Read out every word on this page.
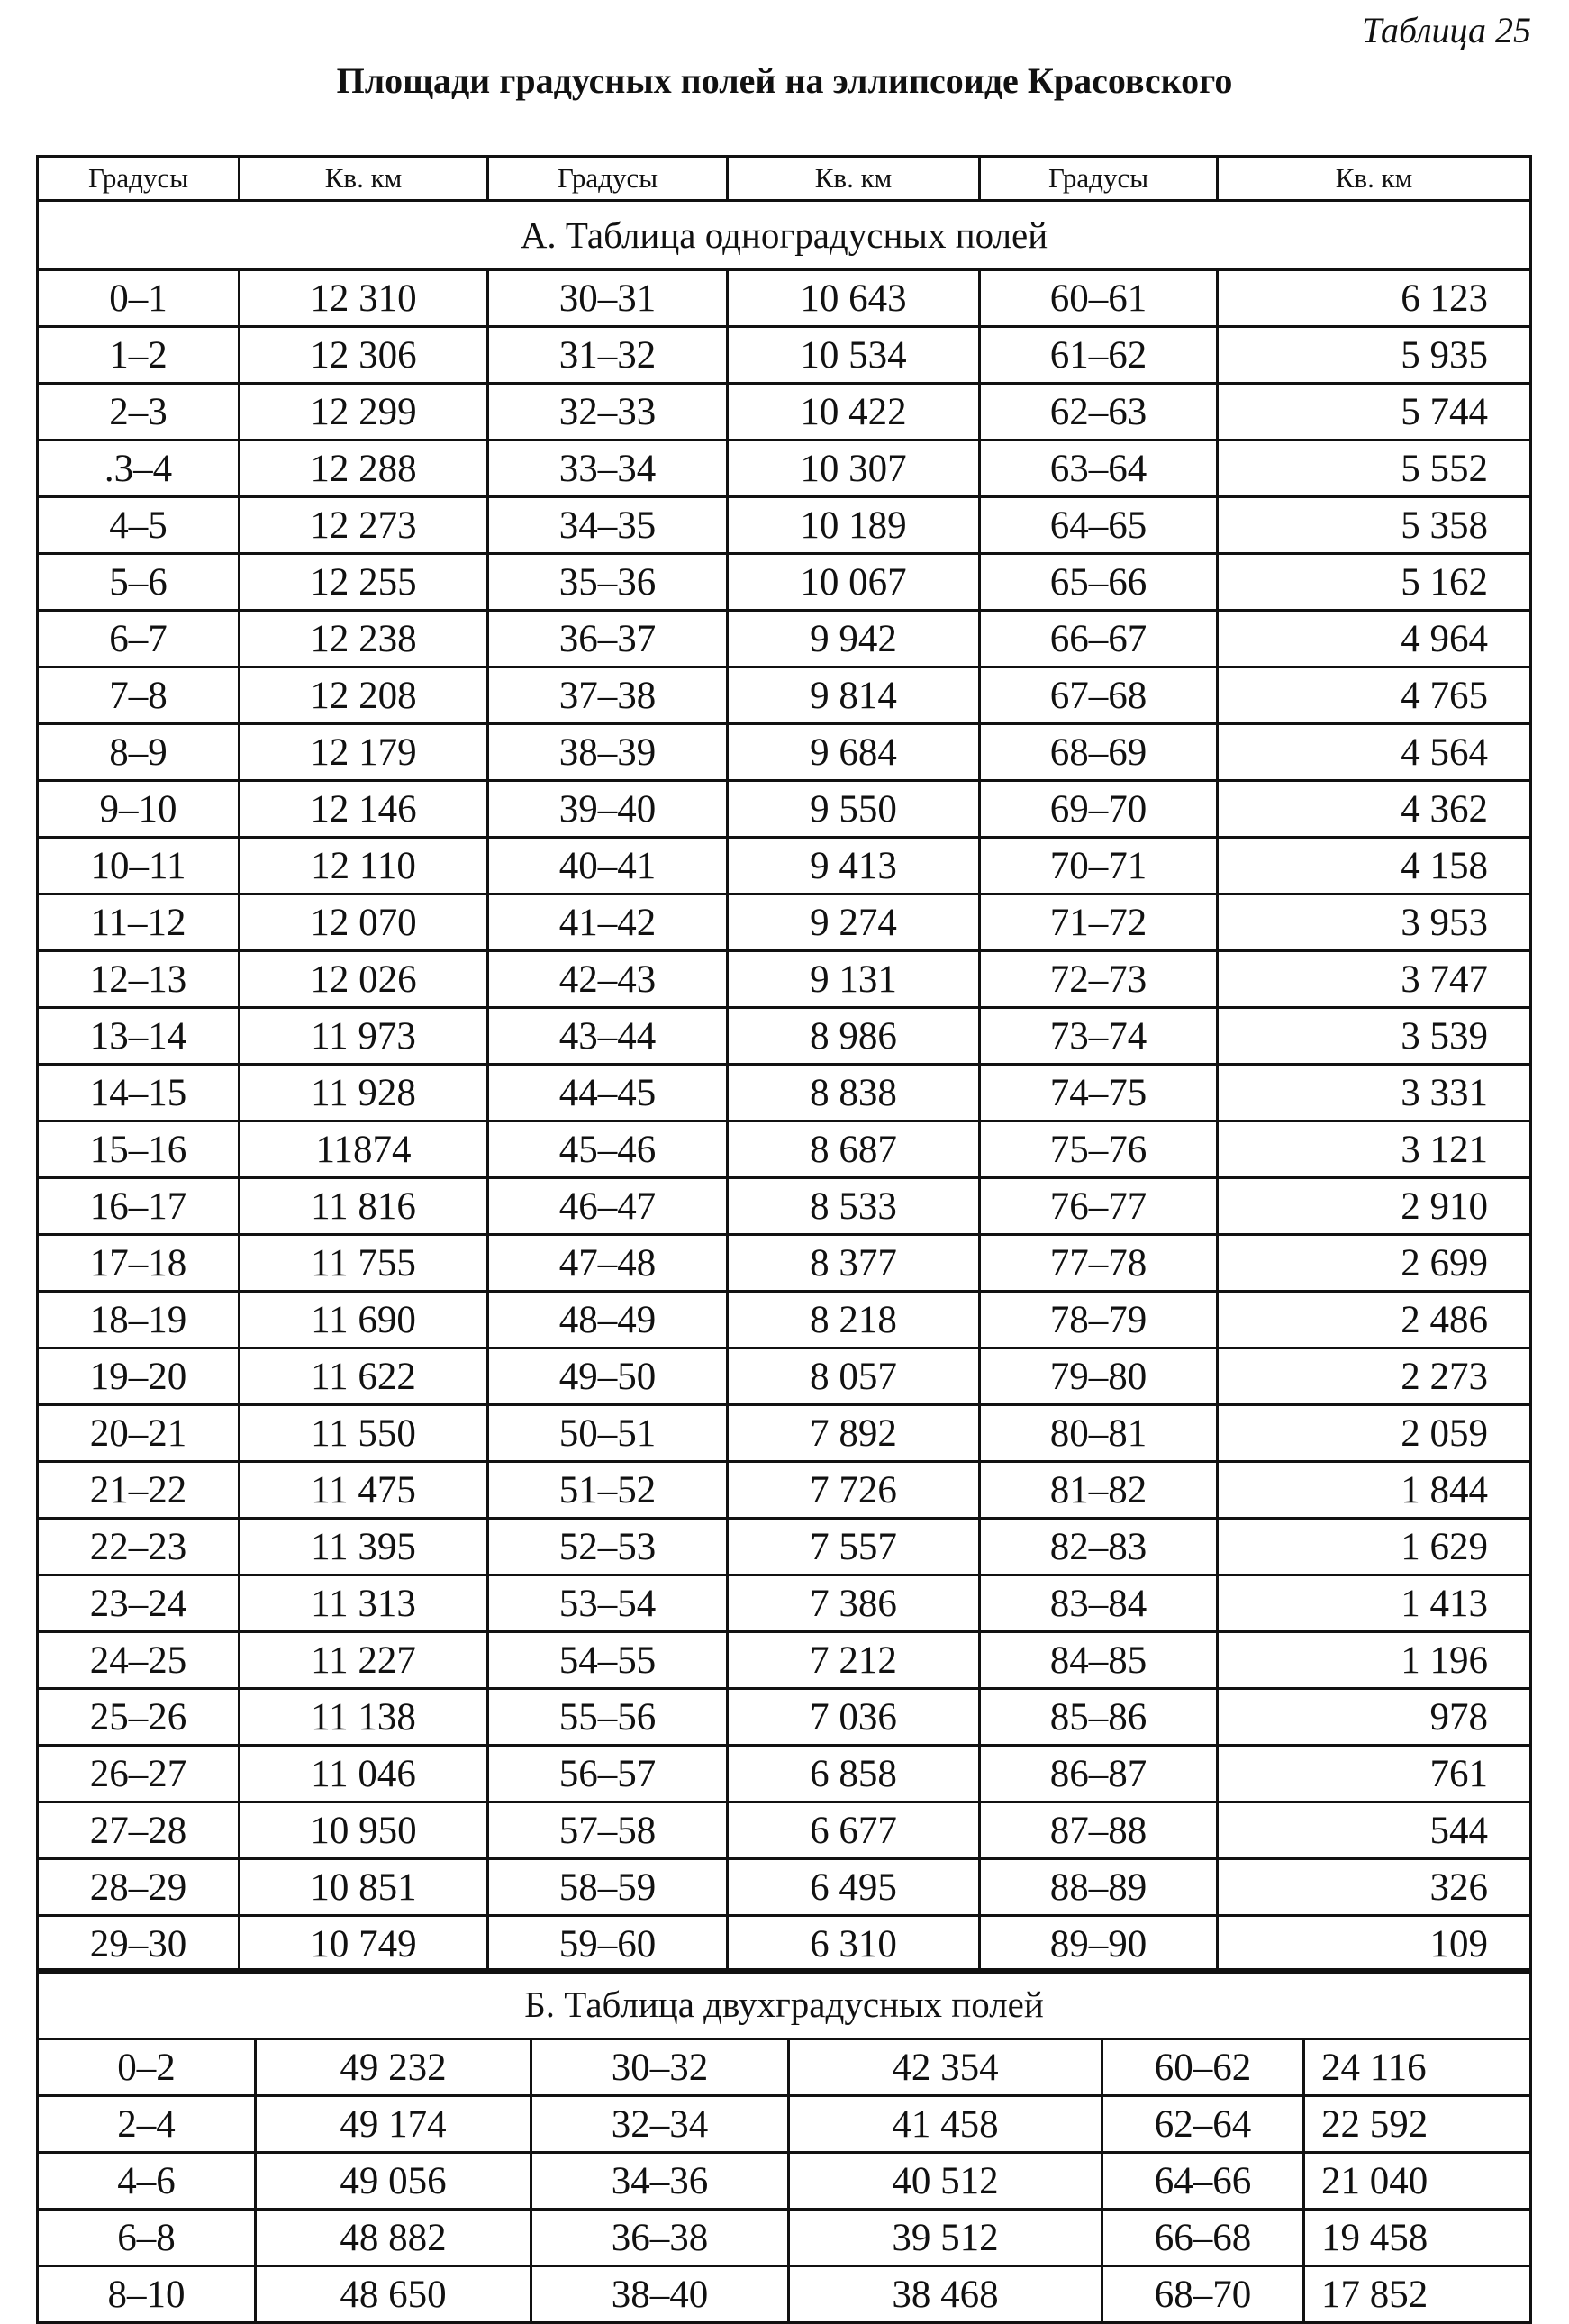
Таблица 25
Площади градусных полей на эллипсоиде Красовского
Градусы	Кв. км	Градусы	Кв. км	Градусы	Кв. км
А. Таблица одноградусных полей					
0–1	12 310	30–31	10 643	60–61	6 123
1–2	12 306	31–32	10 534	61–62	5 935
2–3	12 299	32–33	10 422	62–63	5 744
.3–4	12 288	33–34	10 307	63–64	5 552
4–5	12 273	34–35	10 189	64–65	5 358
5–6	12 255	35–36	10 067	65–66	5 162
6–7	12 238	36–37	9 942	66–67	4 964
7–8	12 208	37–38	9 814	67–68	4 765
8–9	12 179	38–39	9 684	68–69	4 564
9–10	12 146	39–40	9 550	69–70	4 362
10–11	12 110	40–41	9 413	70–71	4 158
11–12	12 070	41–42	9 274	71–72	3 953
12–13	12 026	42–43	9 131	72–73	3 747
13–14	11 973	43–44	8 986	73–74	3 539
14–15	11 928	44–45	8 838	74–75	3 331
15–16	11874	45–46	8 687	75–76	3 121
16–17	11 816	46–47	8 533	76–77	2 910
17–18	11 755	47–48	8 377	77–78	2 699
18–19	11 690	48–49	8 218	78–79	2 486
19–20	11 622	49–50	8 057	79–80	2 273
20–21	11 550	50–51	7 892	80–81	2 059
21–22	11 475	51–52	7 726	81–82	1 844
22–23	11 395	52–53	7 557	82–83	1 629
23–24	11 313	53–54	7 386	83–84	1 413
24–25	11 227	54–55	7 212	84–85	1 196
25–26	11 138	55–56	7 036	85–86	978
26–27	11 046	56–57	6 858	86–87	761
27–28	10 950	57–58	6 677	87–88	544
28–29	10 851	58–59	6 495	88–89	326
29–30	10 749	59–60	6 310	89–90	109
Б. Таблица двухградусных полей					
0–2	49 232	30–32	42 354	60–62	24 116
2–4	49 174	32–34	41 458	62–64	22 592
4–6	49 056	34–36	40 512	64–66	21 040
6–8	48 882	36–38	39 512	66–68	19 458
8–10	48 650	38–40	38 468	68–70	17 852
